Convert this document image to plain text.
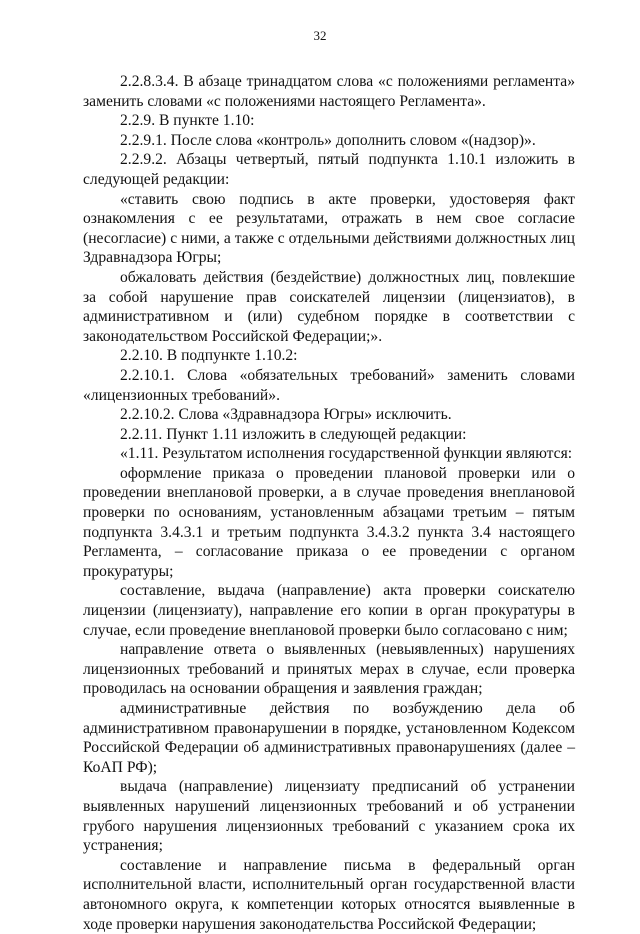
32

2.2.8.3.4. В абзаце тринадцатом слова «с положениями регламента» заменить словами «с положениями настоящего Регламента».

2.2.9. В пункте 1.10:

2.2.9.1. После слова «контроль» дополнить словом «(надзор)».

2.2.9.2. Абзацы четвертый, пятый подпункта 1.10.1 изложить в следующей редакции:

«ставить свою подпись в акте проверки, удостоверяя факт ознакомления с ее результатами, отражать в нем свое согласие (несогласие) с ними, а также с отдельными действиями должностных лиц Здравнадзора Югры;

обжаловать действия (бездействие) должностных лиц, повлекшие за собой нарушение прав соискателей лицензии (лицензиатов), в административном и (или) судебном порядке в соответствии с законодательством Российской Федерации;».

2.2.10. В подпункте 1.10.2:

2.2.10.1. Слова «обязательных требований» заменить словами «лицензионных требований».

2.2.10.2. Слова «Здравнадзора Югры» исключить.

2.2.11. Пункт 1.11 изложить в следующей редакции:

«1.11. Результатом исполнения государственной функции являются:

оформление приказа о проведении плановой проверки или о проведении внеплановой проверки, а в случае проведения внеплановой проверки по основаниям, установленным абзацами третьим – пятым подпункта 3.4.3.1 и третьим подпункта 3.4.3.2 пункта 3.4 настоящего Регламента, – согласование приказа о ее проведении с органом прокуратуры;

составление, выдача (направление) акта проверки соискателю лицензии (лицензиату), направление его копии в орган прокуратуры в случае, если проведение внеплановой проверки было согласовано с ним;

направление ответа о выявленных (невыявленных) нарушениях лицензионных требований и принятых мерах в случае, если проверка проводилась на основании обращения и заявления граждан;

административные действия по возбуждению дела об административном правонарушении в порядке, установленном Кодексом Российской Федерации об административных правонарушениях (далее – КоАП РФ);

выдача (направление) лицензиату предписаний об устранении выявленных нарушений лицензионных требований и об устранении грубого нарушения лицензионных требований с указанием срока их устранения;

составление и направление письма в федеральный орган исполнительной власти, исполнительный орган государственной власти автономного округа, к компетенции которых относятся выявленные в ходе проверки нарушения законодательства Российской Федерации;
